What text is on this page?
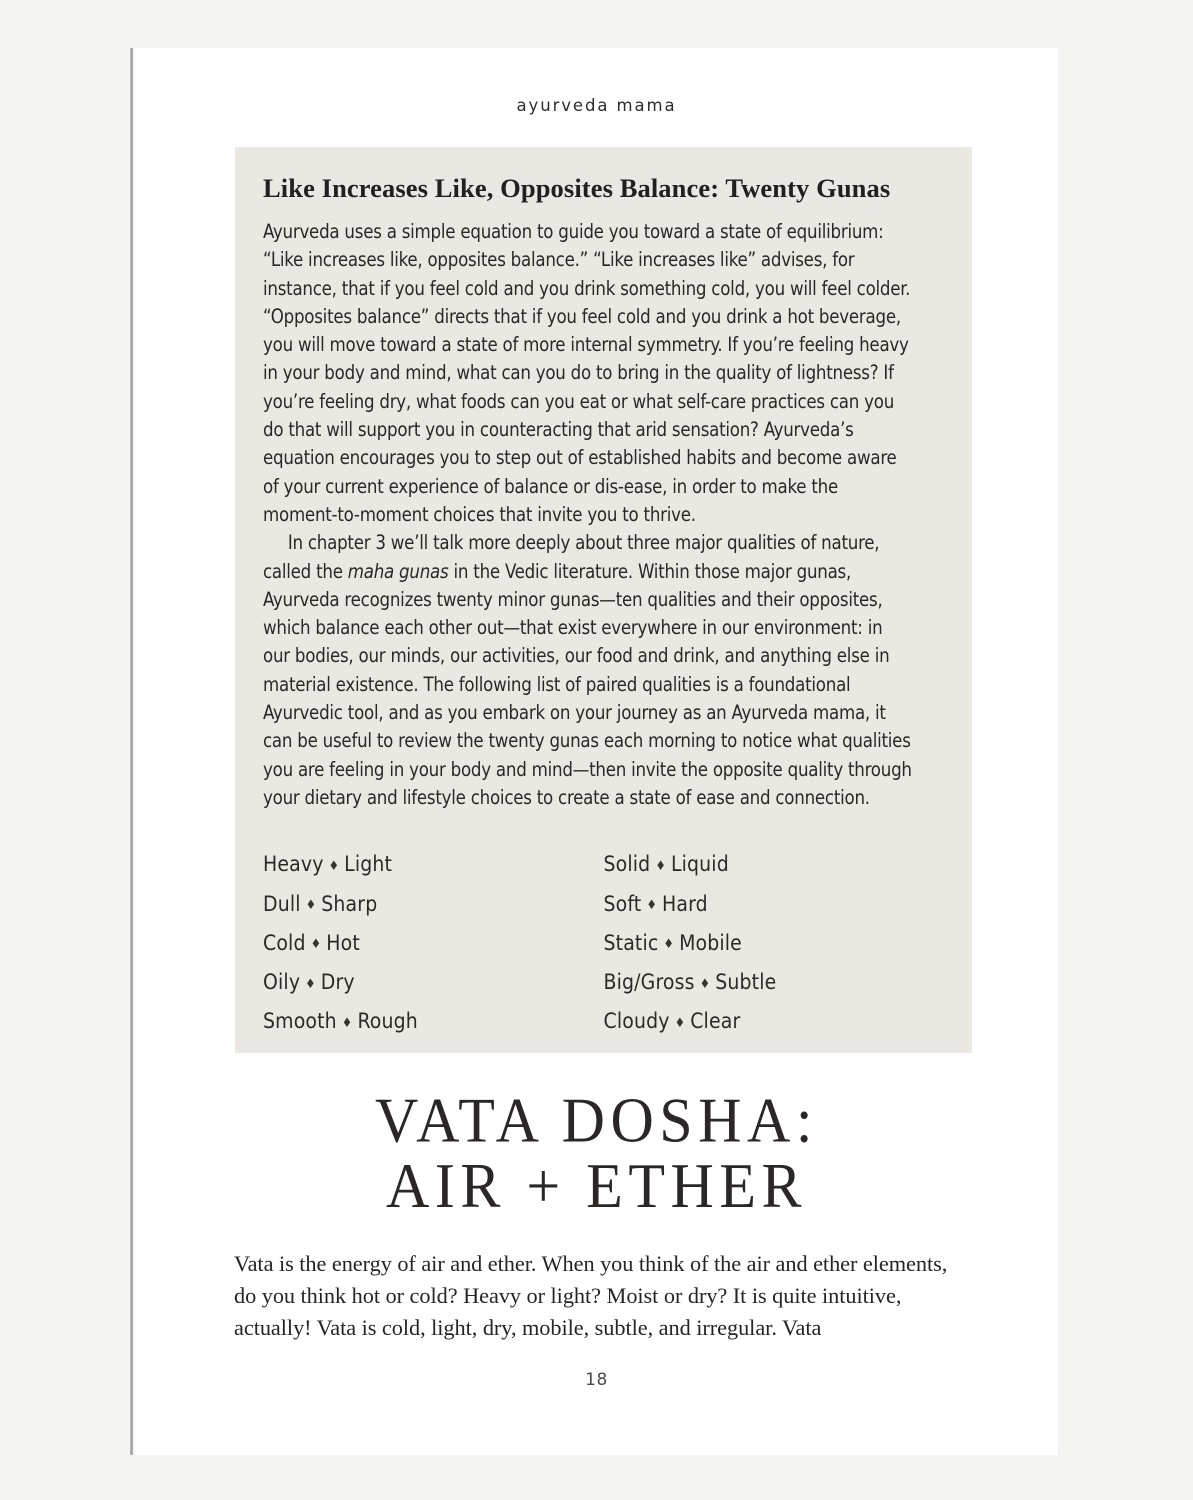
ayurveda mama
Like Increases Like, Opposites Balance: Twenty Gunas

Ayurveda uses a simple equation to guide you toward a state of equilibrium: “Like increases like, opposites balance.” “Like increases like” advises, for instance, that if you feel cold and you drink something cold, you will feel colder. “Opposites balance” directs that if you feel cold and you drink a hot beverage, you will move toward a state of more internal symmetry. If you’re feeling heavy in your body and mind, what can you do to bring in the quality of lightness? If you’re feeling dry, what foods can you eat or what self-care practices can you do that will support you in counteracting that arid sensation? Ayurveda’s equation encourages you to step out of established habits and become aware of your current experience of balance or dis-ease, in order to make the moment-to-moment choices that invite you to thrive.

In chapter 3 we’ll talk more deeply about three major qualities of nature, called the maha gunas in the Vedic literature. Within those major gunas, Ayurveda recognizes twenty minor gunas—ten qualities and their opposites, which balance each other out—that exist everywhere in our environment: in our bodies, our minds, our activities, our food and drink, and anything else in material existence. The following list of paired qualities is a foundational Ayurvedic tool, and as you embark on your journey as an Ayurveda mama, it can be useful to review the twenty gunas each morning to notice what qualities you are feeling in your body and mind—then invite the opposite quality through your dietary and lifestyle choices to create a state of ease and connection.

Heavy ♦ Light
Dull ♦ Sharp
Cold ♦ Hot
Oily ♦ Dry
Smooth ♦ Rough
Solid ♦ Liquid
Soft ♦ Hard
Static ♦ Mobile
Big/Gross ♦ Subtle
Cloudy ♦ Clear
VATA DOSHA:
AIR + ETHER
Vata is the energy of air and ether. When you think of the air and ether elements, do you think hot or cold? Heavy or light? Moist or dry? It is quite intuitive, actually! Vata is cold, light, dry, mobile, subtle, and irregular. Vata
18
